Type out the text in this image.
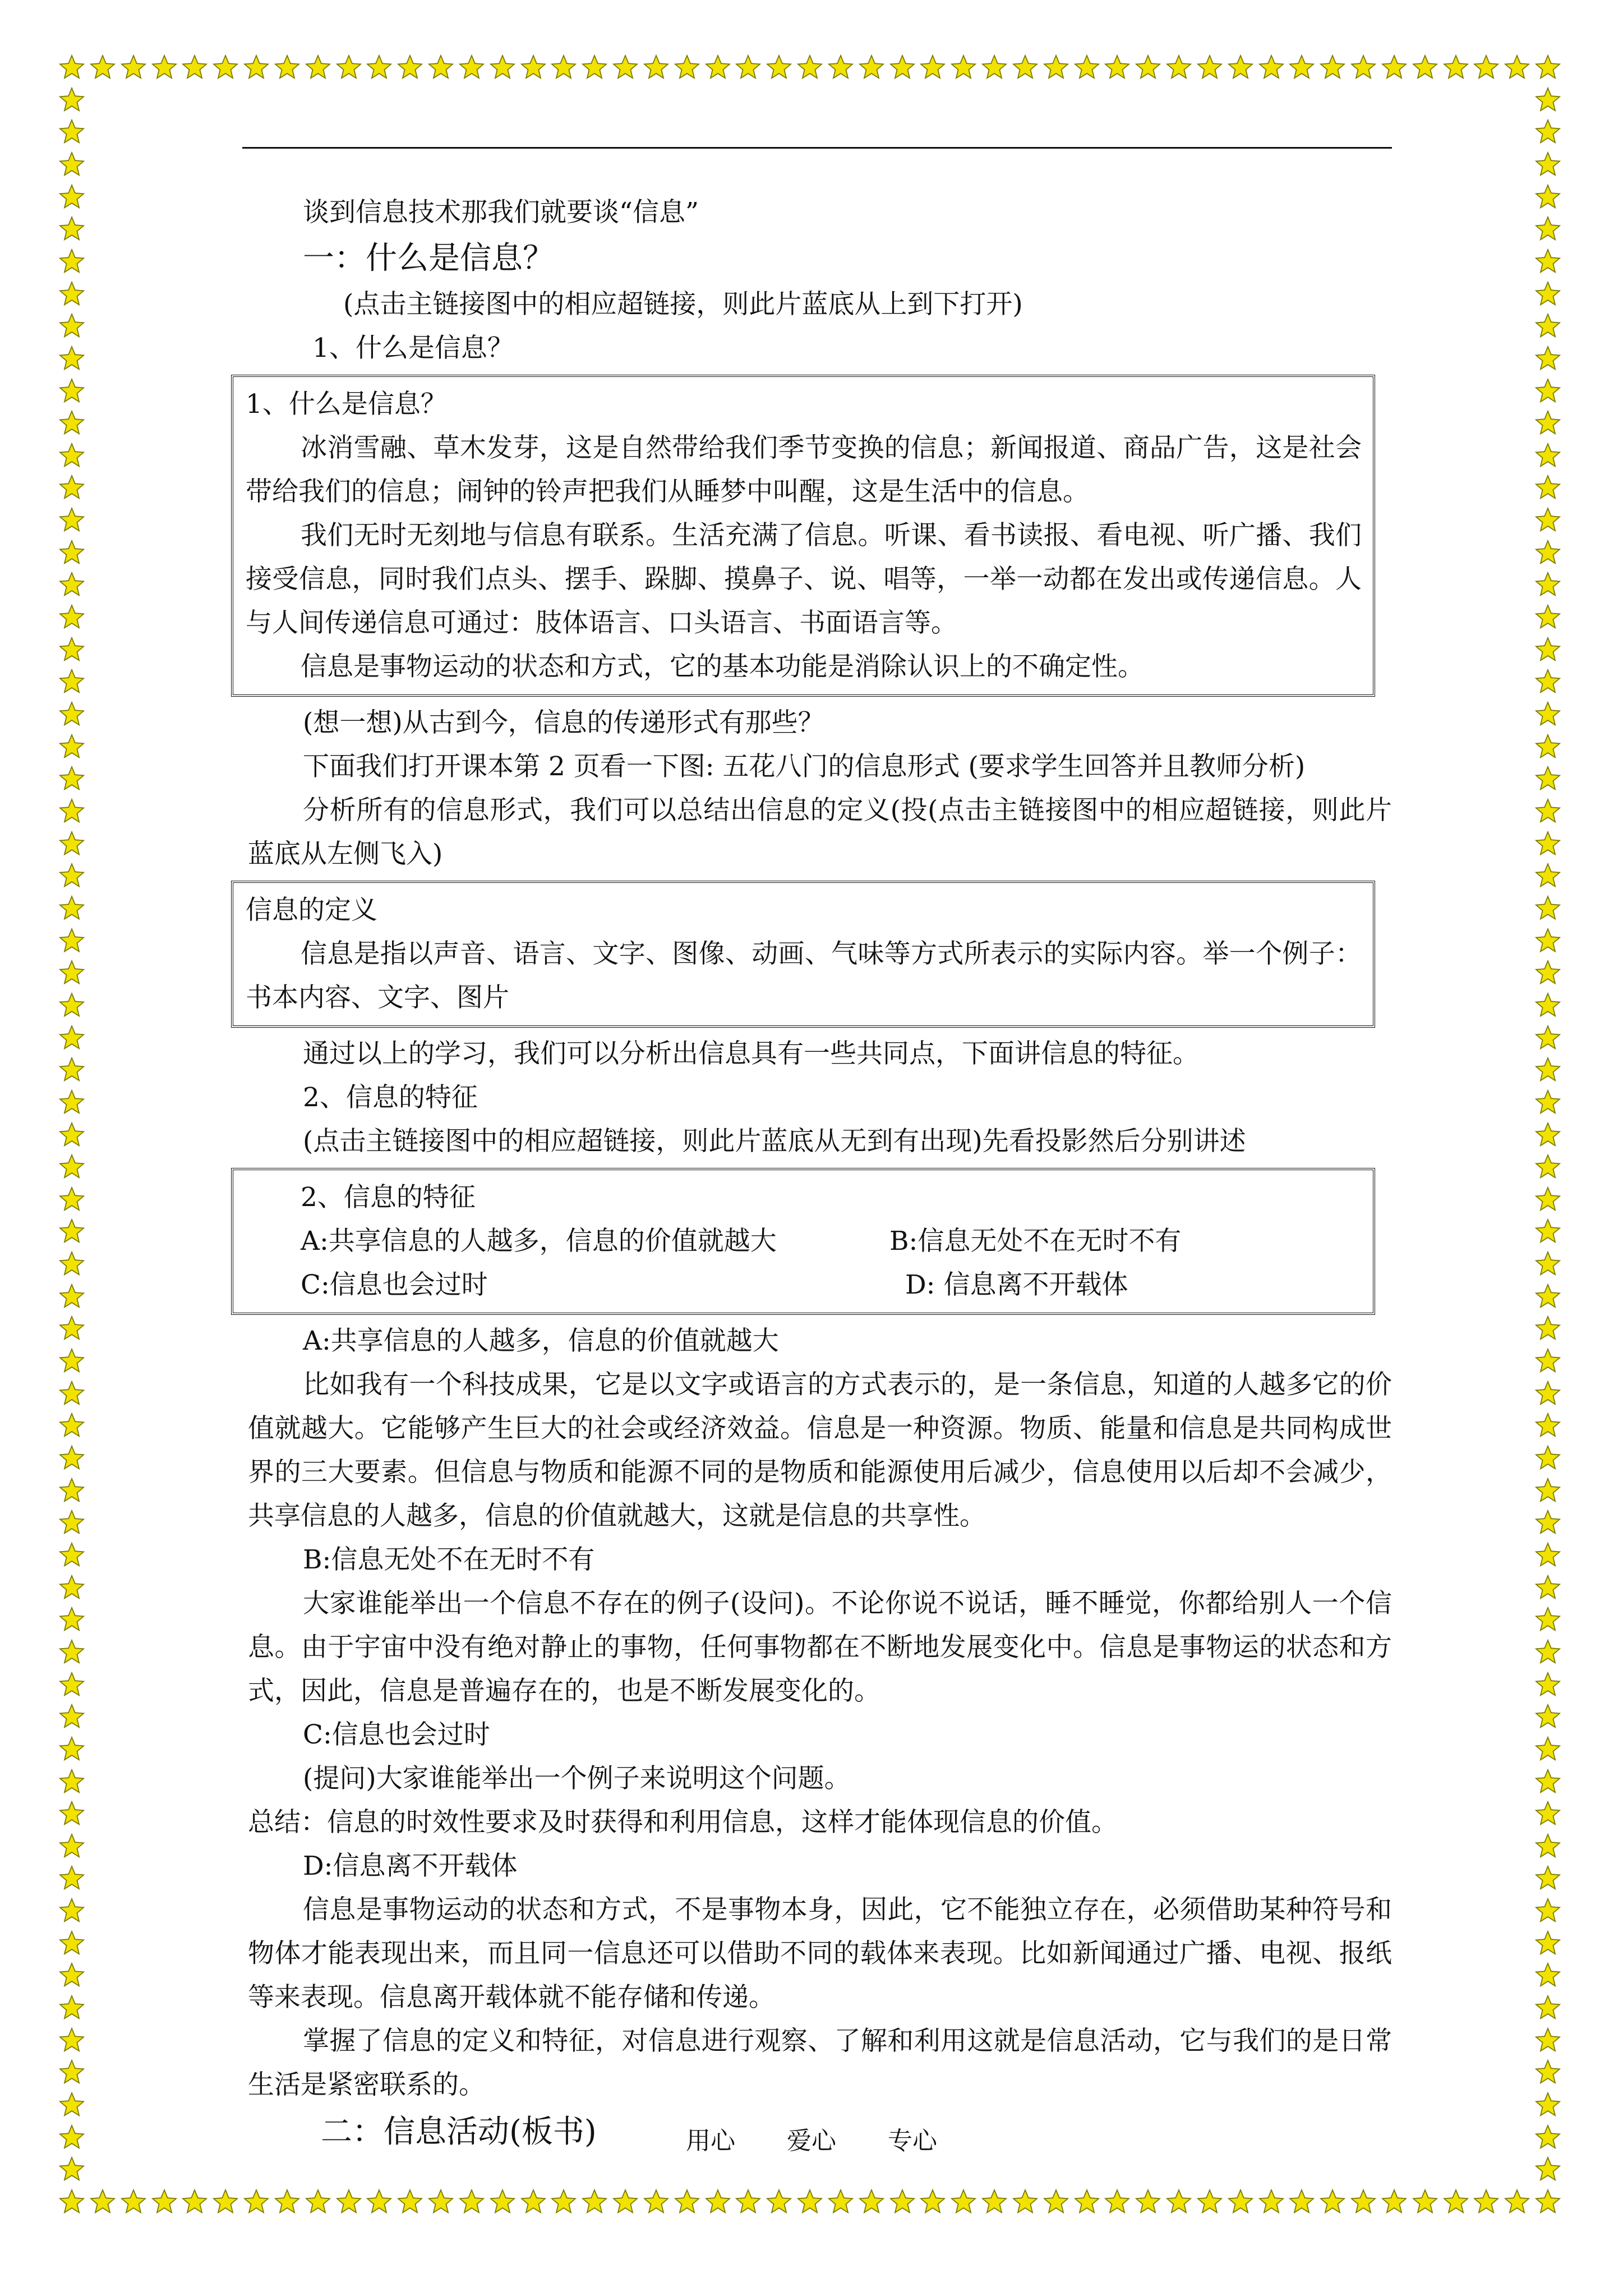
谈到信息技术那我们就要谈“信息”
一：什么是信息？
(点击主链接图中的相应超链接，则此片蓝底从上到下打开)
1、什么是信息？
1、什么是信息？
冰消雪融、草木发芽，这是自然带给我们季节变换的信息；新闻报道、商品广告，这是社会带给我们的信息；闹钟的铃声把我们从睡梦中叫醒，这是生活中的信息。
我们无时无刻地与信息有联系。生活充满了信息。听课、看书读报、看电视、听广播、我们接受信息，同时我们点头、摆手、跺脚、摸鼻子、说、唱等，一举一动都在发出或传递信息。人与人间传递信息可通过：肢体语言、口头语言、书面语言等。
信息是事物运动的状态和方式，它的基本功能是消除认识上的不确定性。
(想一想)从古到今，信息的传递形式有那些？
下面我们打开课本第 2 页看一下图: 五花八门的信息形式 (要求学生回答并且教师分析)
分析所有的信息形式，我们可以总结出信息的定义(投(点击主链接图中的相应超链接，则此片蓝底从左侧飞入)
信息的定义
信息是指以声音、语言、文字、图像、动画、气味等方式所表示的实际内容。举一个例子：书本内容、文字、图片
通过以上的学习，我们可以分析出信息具有一些共同点，下面讲信息的特征。
2、信息的特征
(点击主链接图中的相应超链接，则此片蓝底从无到有出现)先看投影然后分别讲述
2、信息的特征
A:共享信息的人越多，信息的价值就越大	B:信息无处不在无时不有
C:信息也会过时	D: 信息离不开载体
A:共享信息的人越多，信息的价值就越大
比如我有一个科技成果，它是以文字或语言的方式表示的，是一条信息，知道的人越多它的价值就越大。它能够产生巨大的社会或经济效益。信息是一种资源。物质、能量和信息是共同构成世界的三大要素。但信息与物质和能源不同的是物质和能源使用后减少，信息使用以后却不会减少，共享信息的人越多，信息的价值就越大，这就是信息的共享性。
B:信息无处不在无时不有
大家谁能举出一个信息不存在的例子(设问)。不论你说不说话，睡不睡觉，你都给别人一个信息。由于宇宙中没有绝对静止的事物，任何事物都在不断地发展变化中。信息是事物运的状态和方式，因此，信息是普遍存在的，也是不断发展变化的。
C:信息也会过时
(提问)大家谁能举出一个例子来说明这个问题。
总结：信息的时效性要求及时获得和利用信息，这样才能体现信息的价值。
D:信息离不开载体
信息是事物运动的状态和方式，不是事物本身，因此，它不能独立存在，必须借助某种符号和物体才能表现出来，而且同一信息还可以借助不同的载体来表现。比如新闻通过广播、电视、报纸等来表现。信息离开载体就不能存储和传递。
掌握了信息的定义和特征，对信息进行观察、了解和利用这就是信息活动，它与我们的是日常生活是紧密联系的。
二：信息活动(板书)	用心 爱心 专心
